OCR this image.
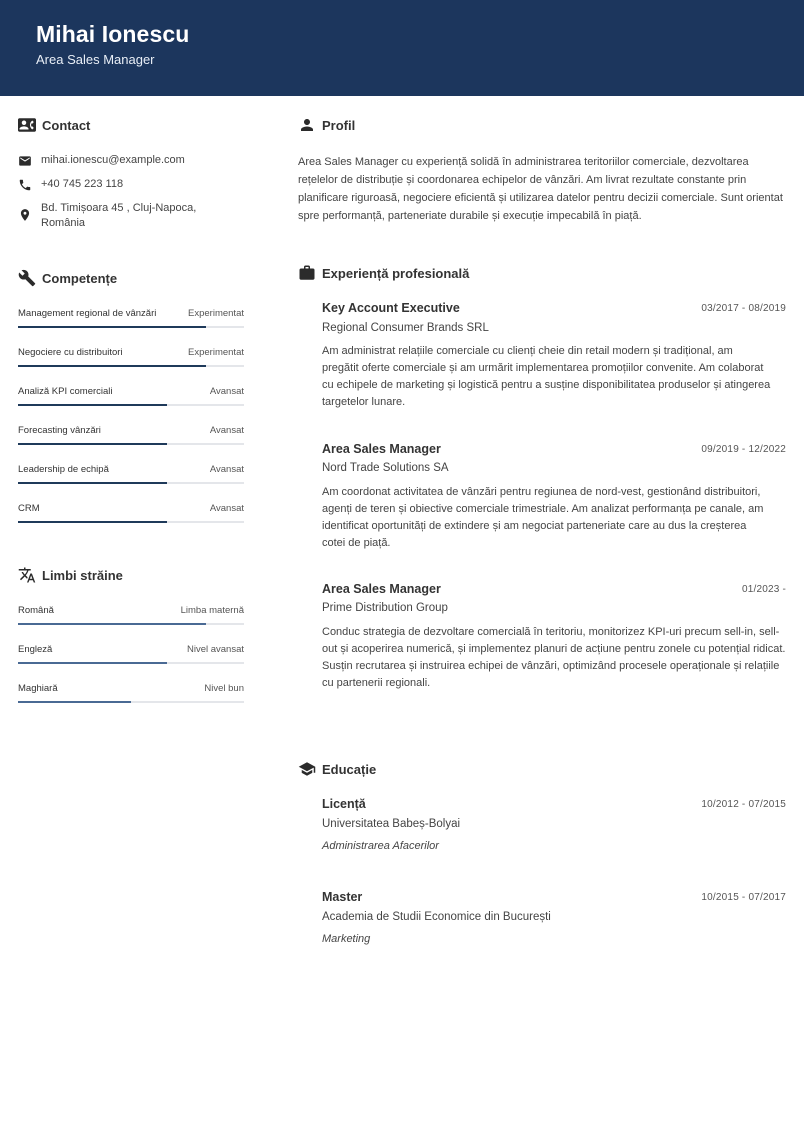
Mihai Ionescu
Area Sales Manager
Contact
mihai.ionescu@example.com
+40 745 223 118
Bd. Timișoara 45 , Cluj-Napoca,
România
Competențe
Management regional de vânzări	Experimentat
Negociere cu distribuitori	Experimentat
Analiză KPI comerciali	Avansat
Forecasting vânzări	Avansat
Leadership de echipă	Avansat
CRM	Avansat
Limbi străine
Română	Limba maternă
Engleză	Nivel avansat
Maghiară	Nivel bun
Profil
Area Sales Manager cu experiență solidă în administrarea teritoriilor comerciale, dezvoltarea rețelelor de distribuție și coordonarea echipelor de vânzări. Am livrat rezultate constante prin planificare riguroasă, negociere eficientă și utilizarea datelor pentru decizii comerciale. Sunt orientat spre performanță, parteneriate durabile și execuție impecabilă în piață.
Experiență profesională
Key Account Executive	03/2017 - 08/2019
Regional Consumer Brands SRL
Am administrat relațiile comerciale cu clienți cheie din retail modern și tradițional, am pregătit oferte comerciale și am urmărit implementarea promoțiilor convenite. Am colaborat cu echipele de marketing și logistică pentru a susține disponibilitatea produselor și atingerea targetelor lunare.
Area Sales Manager	09/2019 - 12/2022
Nord Trade Solutions SA
Am coordonat activitatea de vânzări pentru regiunea de nord-vest, gestionând distribuitori, agenți de teren și obiective comerciale trimestriale. Am analizat performanța pe canale, am identificat oportunități de extindere și am negociat parteneriate care au dus la creșterea cotei de piață.
Area Sales Manager	01/2023 -
Prime Distribution Group
Conduc strategia de dezvoltare comercială în teritoriu, monitorizez KPI-uri precum sell-in, sell-out și acoperirea numerică, și implementez planuri de acțiune pentru zonele cu potențial ridicat. Susțin recrutarea și instruirea echipei de vânzări, optimizând procesele operaționale și relațiile cu partenerii regionali.
Educație
Licență	10/2012 - 07/2015
Universitatea Babeș-Bolyai
Administrarea Afacerilor
Master	10/2015 - 07/2017
Academia de Studii Economice din București
Marketing
